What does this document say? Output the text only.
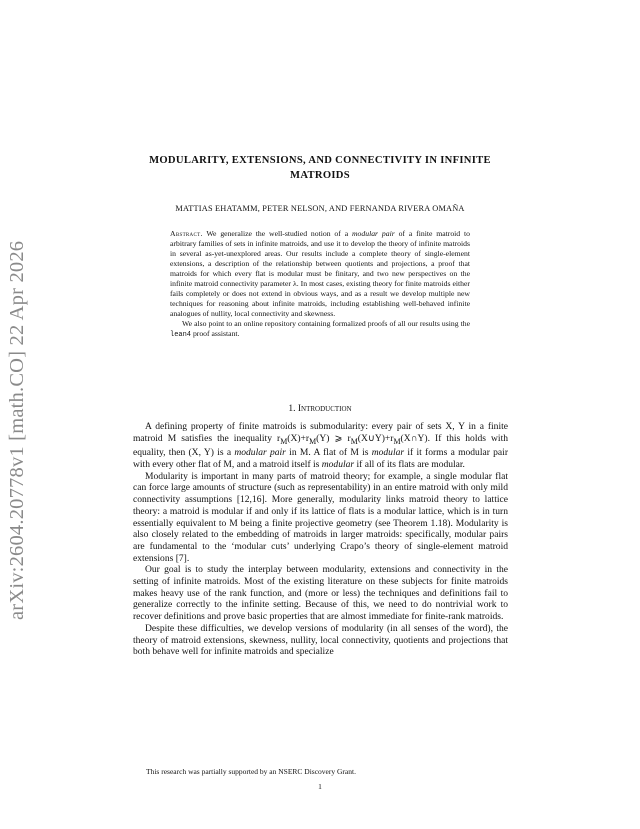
arXiv:2604.20778v1 [math.CO] 22 Apr 2026
MODULARITY, EXTENSIONS, AND CONNECTIVITY IN INFINITE MATROIDS
MATTIAS EHATAMM, PETER NELSON, AND FERNANDA RIVERA OMAÑA

Abstract. We generalize the well-studied notion of a modular pair of a finite matroid to arbitrary families of sets in infinite matroids, and use it to develop the theory of infinite matroids in several as-yet-unexplored areas. Our results include a complete theory of single-element extensions, a description of the relationship between quotients and projections, a proof that matroids for which every flat is modular must be finitary, and two new perspectives on the infinite matroid connectivity parameter λ. In most cases, existing theory for finite matroids either fails completely or does not extend in obvious ways, and as a result we develop multiple new techniques for reasoning about infinite matroids, including establishing well-behaved infinite analogues of nullity, local connectivity and skewness.

We also point to an online repository containing formalized proofs of all our results using the lean4 proof assistant.

1. Introduction

A defining property of finite matroids is submodularity: every pair of sets X, Y in a finite matroid M satisfies the inequality $r_M(X)+r_M(Y)$ ⩾ $r_M(X\cup Y)+r_M(X\cap Y)$. If this holds with equality, then (X, Y) is a modular pair in M. A flat of M is modular if it forms a modular pair with every other flat of M, and a matroid itself is modular if all of its flats are modular.

Modularity is important in many parts of matroid theory; for example, a single modular flat can force large amounts of structure (such as representability) in an entire matroid with only mild connectivity assumptions [12,16]. More generally, modularity links matroid theory to lattice theory: a matroid is modular if and only if its lattice of flats is a modular lattice, which is in turn essentially equivalent to M being a finite projective geometry (see Theorem 1.18). Modularity is also closely related to the embedding of matroids in larger matroids: specifically, modular pairs are fundamental to the ‘modular cuts’ underlying Crapo’s theory of single-element matroid extensions [7].

Our goal is to study the interplay between modularity, extensions and connectivity in the setting of infinite matroids. Most of the existing literature on these subjects for finite matroids makes heavy use of the rank function, and (more or less) the techniques and definitions fail to generalize correctly to the infinite setting. Because of this, we need to do nontrivial work to recover definitions and prove basic properties that are almost immediate for finite-rank matroids.

Despite these difficulties, we develop versions of modularity (in all senses of the word), the theory of matroid extensions, skewness, nullity, local connectivity, quotients and projections that both behave well for infinite matroids and specialize

This research was partially supported by an NSERC Discovery Grant.
1
